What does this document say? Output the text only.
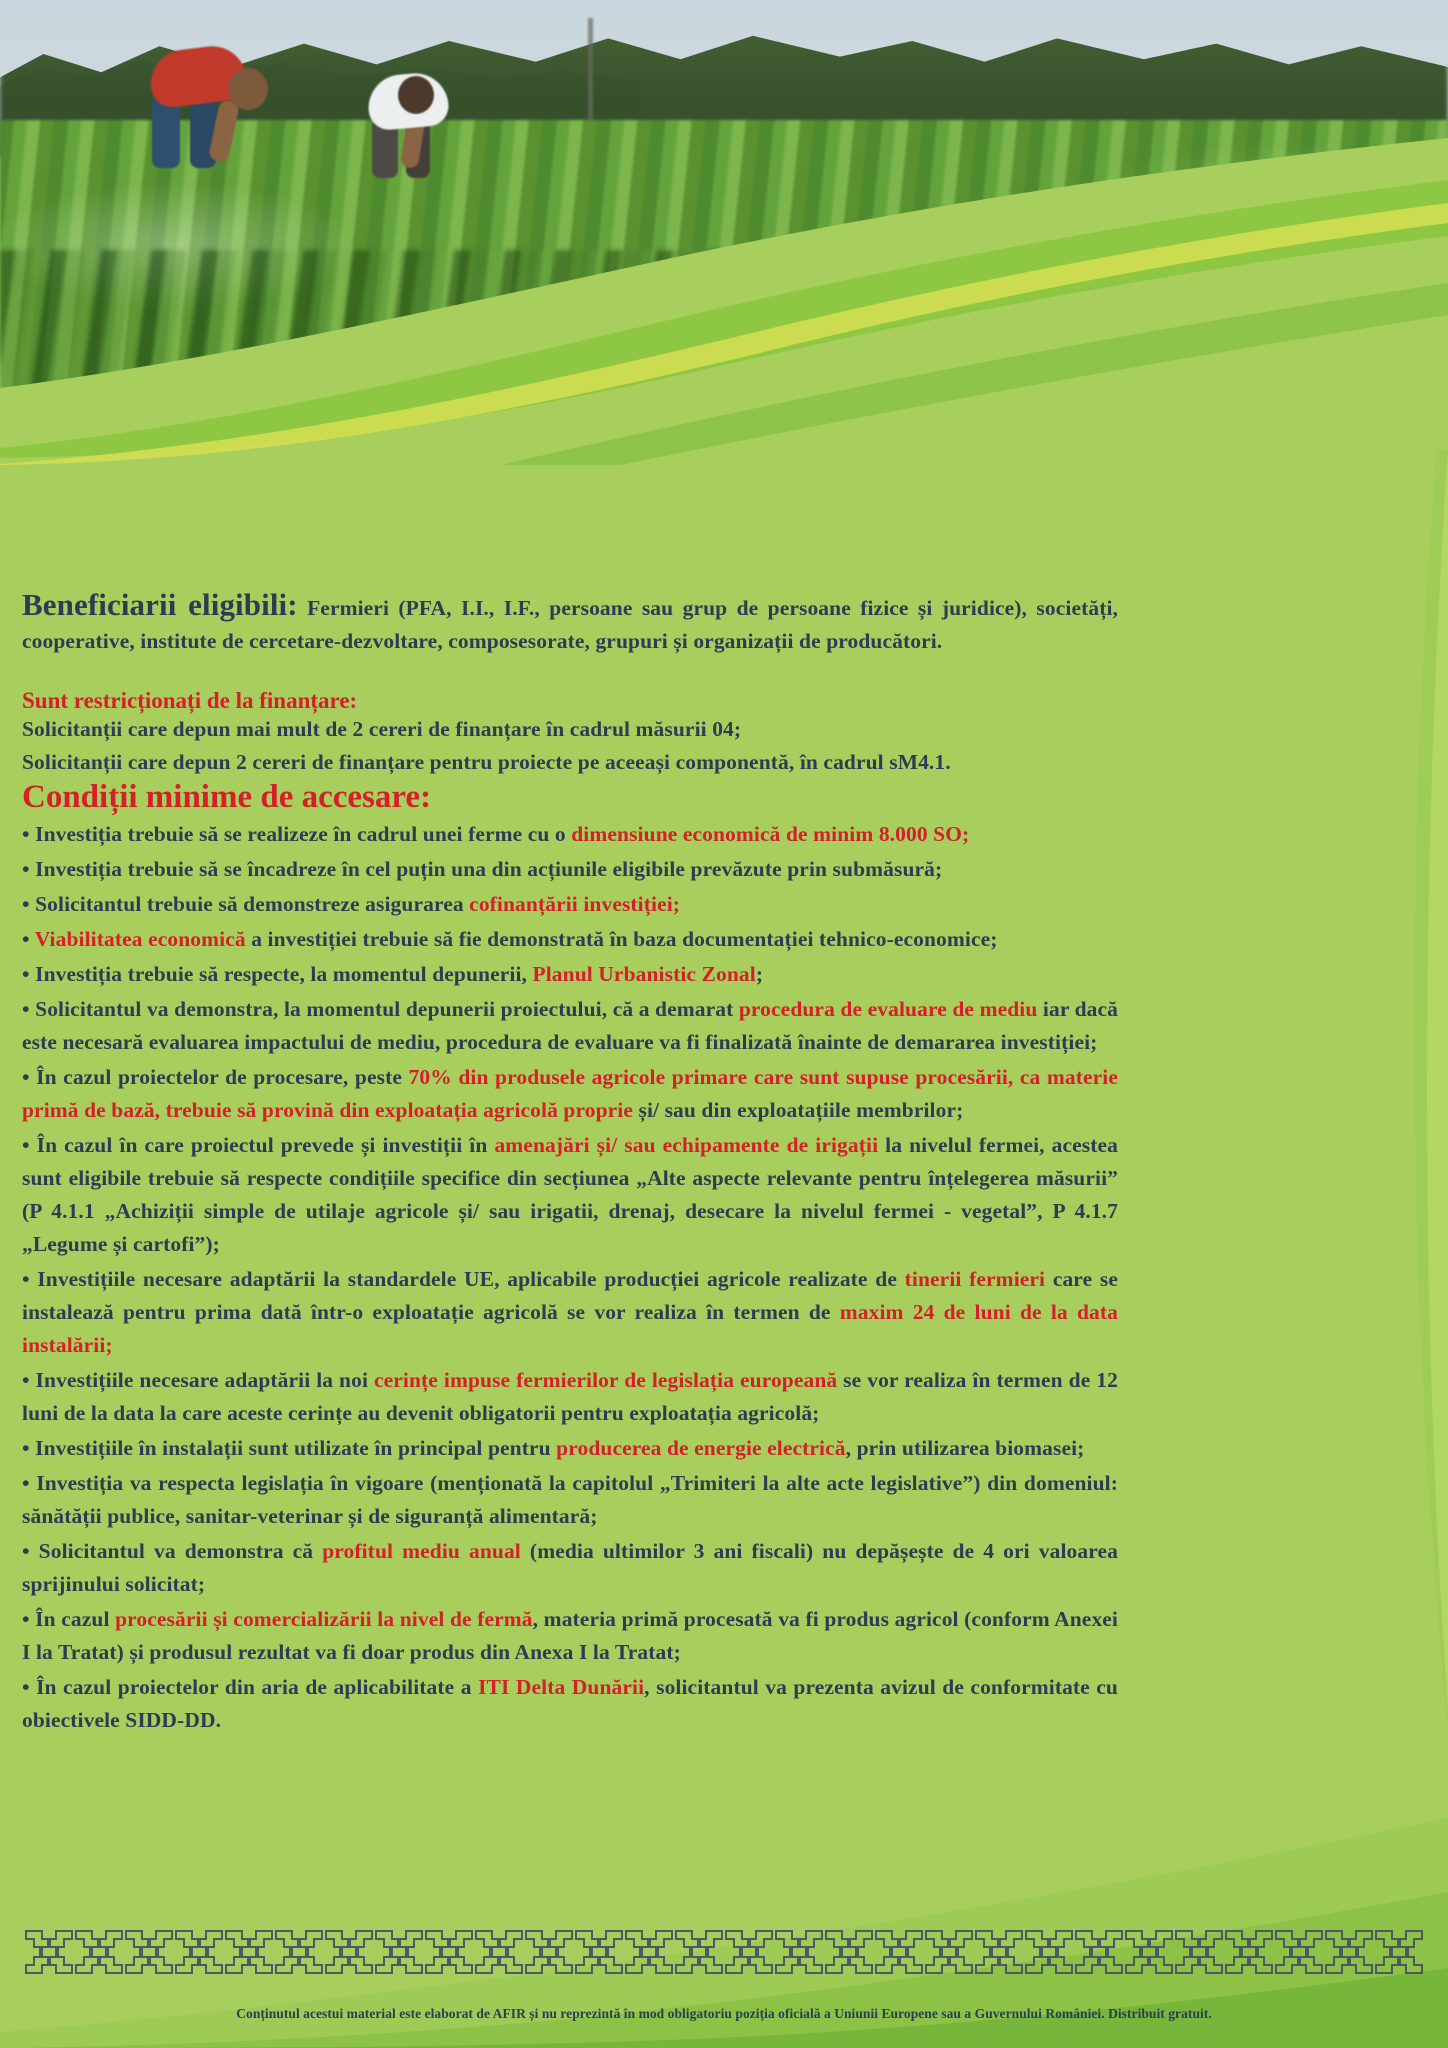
Beneficiarii eligibili: Fermieri (PFA, I.I., I.F., persoane sau grup de persoane fizice și juridice), societăți, cooperative, institute de cercetare-dezvoltare, composesorate, grupuri și organizații de producători.

Sunt restricționați de la finanțare:

Solicitanții care depun mai mult de 2 cereri de finanțare în cadrul măsurii 04;

Solicitanții care depun 2 cereri de finanțare pentru proiecte pe aceeași componentă, în cadrul sM4.1.

Condiții minime de accesare:

• Investiția trebuie să se realizeze în cadrul unei ferme cu o dimensiune economică de minim 8.000 SO;

• Investiția trebuie să se încadreze în cel puțin una din acțiunile eligibile prevăzute prin submăsură;

• Solicitantul trebuie să demonstreze asigurarea cofinanțării investiției;

• Viabilitatea economică a investiției trebuie să fie demonstrată în baza documentației tehnico-economice;

• Investiția trebuie să respecte, la momentul depunerii, Planul Urbanistic Zonal;

• Solicitantul va demonstra, la momentul depunerii proiectului, că a demarat procedura de evaluare de mediu iar dacă este necesară evaluarea impactului de mediu, procedura de evaluare va fi finalizată înainte de demararea investiției;

• În cazul proiectelor de procesare, peste 70% din produsele agricole primare care sunt supuse procesării, ca materie primă de bază, trebuie să provină din exploatația agricolă proprie și/ sau din exploatațiile membrilor;

• În cazul în care proiectul prevede și investiții în amenajări și/ sau echipamente de irigații la nivelul fermei, acestea sunt eligibile trebuie să respecte condițiile specifice din secțiunea „Alte aspecte relevante pentru înțelegerea măsurii” (P 4.1.1 „Achiziții simple de utilaje agricole și/ sau irigatii, drenaj, desecare la nivelul fermei - vegetal”, P 4.1.7 „Legume și cartofi”);

• Investițiile necesare adaptării la standardele UE, aplicabile producției agricole realizate de tinerii fermieri care se instalează pentru prima dată într-o exploatație agricolă se vor realiza în termen de maxim 24 de luni de la data instalării;

• Investițiile necesare adaptării la noi cerințe impuse fermierilor de legislația europeană se vor realiza în termen de 12 luni de la data la care aceste cerințe au devenit obligatorii pentru exploatația agricolă;

• Investițiile în instalații sunt utilizate în principal pentru producerea de energie electrică, prin utilizarea biomasei;

• Investiția va respecta legislația în vigoare (menționată la capitolul „Trimiteri la alte acte legislative”) din domeniul: sănătății publice, sanitar-veterinar și de siguranță alimentară;

• Solicitantul va demonstra că profitul mediu anual (media ultimilor 3 ani fiscali) nu depășește de 4 ori valoarea sprijinului solicitat;

• În cazul procesării și comercializării la nivel de fermă, materia primă procesată va fi produs agricol (conform Anexei I la Tratat) și produsul rezultat va fi doar produs din Anexa I la Tratat;

• În cazul proiectelor din aria de aplicabilitate a ITI Delta Dunării, solicitantul va prezenta avizul de conformitate cu obiectivele SIDD-DD.

Conținutul acestui material este elaborat de AFIR și nu reprezintă în mod obligatoriu poziția oficială a Uniunii Europene sau a Guvernului României. Distribuit gratuit.
